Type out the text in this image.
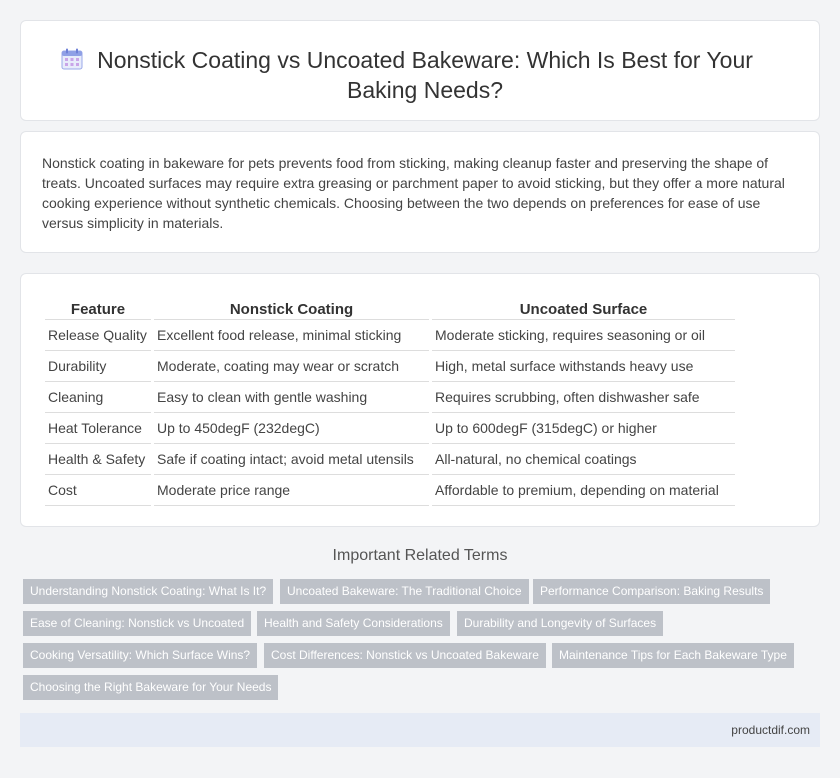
Nonstick Coating vs Uncoated Bakeware: Which Is Best for Your Baking Needs?

Nonstick coating in bakeware for pets prevents food from sticking, making cleanup faster and preserving the shape of treats. Uncoated surfaces may require extra greasing or parchment paper to avoid sticking, but they offer a more natural cooking experience without synthetic chemicals. Choosing between the two depends on preferences for ease of use versus simplicity in materials.

Feature	Nonstick Coating	Uncoated Surface
Release Quality	Excellent food release, minimal sticking	Moderate sticking, requires seasoning or oil
Durability	Moderate, coating may wear or scratch	High, metal surface withstands heavy use
Cleaning	Easy to clean with gentle washing	Requires scrubbing, often dishwasher safe
Heat Tolerance	Up to 450degF (232degC)	Up to 600degF (315degC) or higher
Health & Safety	Safe if coating intact; avoid metal utensils	All-natural, no chemical coatings
Cost	Moderate price range	Affordable to premium, depending on material
Important Related Terms
Understanding Nonstick Coating: What Is It?	Uncoated Bakeware: The Traditional Choice	Performance Comparison: Baking Results
Ease of Cleaning: Nonstick vs Uncoated	Health and Safety Considerations	Durability and Longevity of Surfaces
Cooking Versatility: Which Surface Wins?	Cost Differences: Nonstick vs Uncoated Bakeware	Maintenance Tips for Each Bakeware Type
Choosing the Right Bakeware for Your Needs
productdif.com
